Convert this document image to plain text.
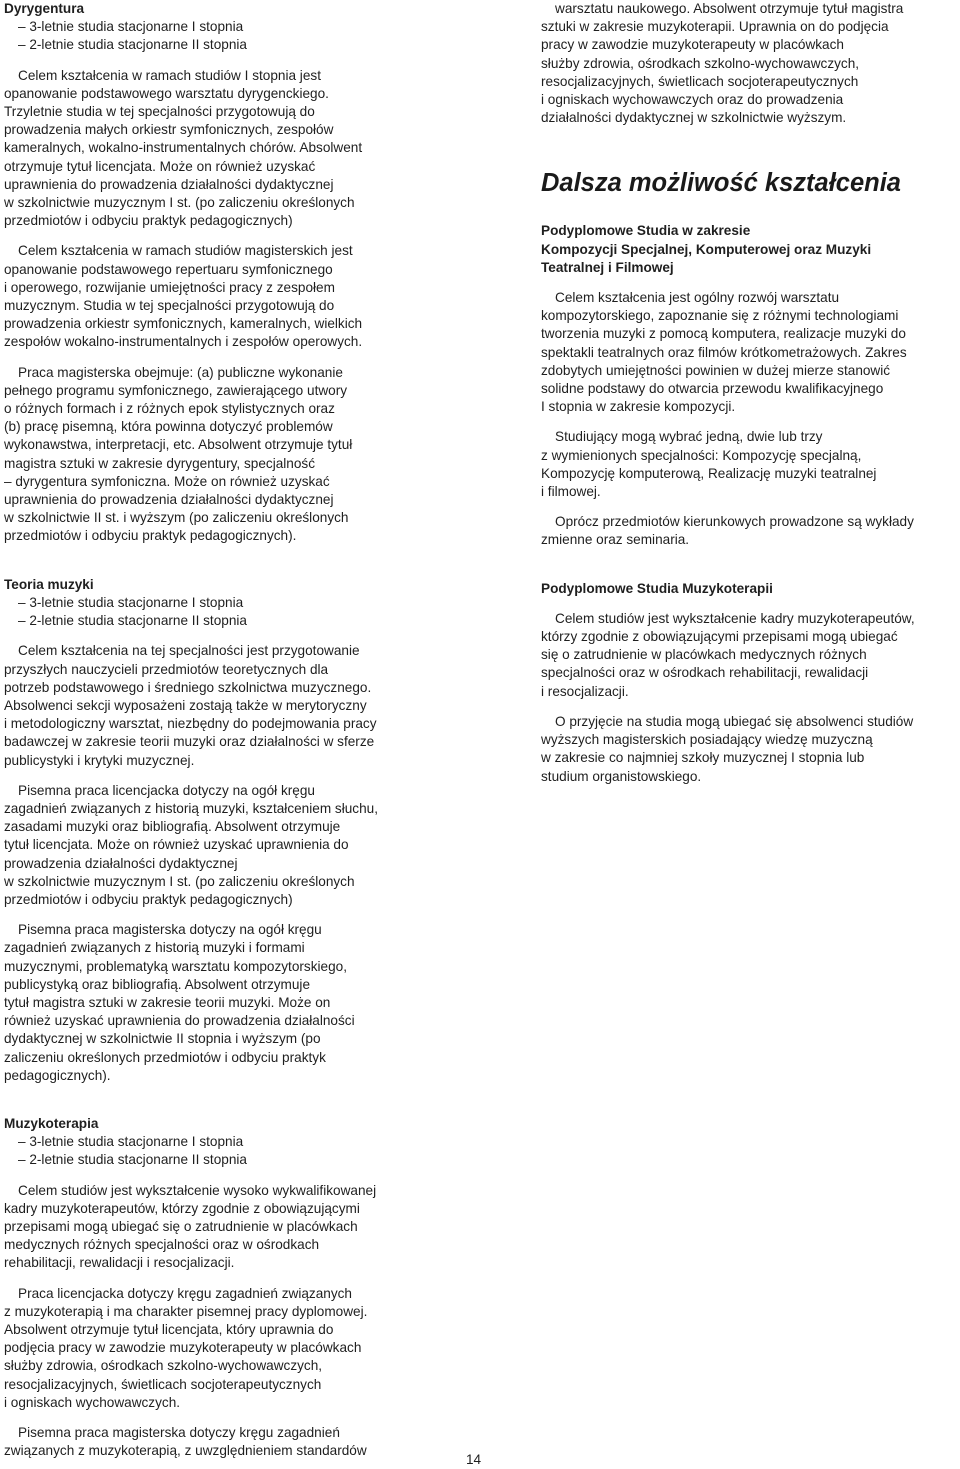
Dyrygentura

– 3-letnie studia stacjonarne I stopnia

– 2-letnie studia stacjonarne II stopnia

Celem kształcenia w ramach studiów I stopnia jest

opanowanie podstawowego warsztatu dyrygenckiego.

Trzyletnie studia w tej specjalności przygotowują do

prowadzenia małych orkiestr symfonicznych, zespołów

kameralnych, wokalno-instrumentalnych chórów. Absolwent

otrzymuje tytuł licencjata. Może on również uzyskać

uprawnienia do prowadzenia działalności dydaktycznej

w szkolnictwie muzycznym I st. (po zaliczeniu określonych

przedmiotów i odbyciu praktyk pedagogicznych)

Celem kształcenia w ramach studiów magisterskich jest

opanowanie podstawowego repertuaru symfonicznego

i operowego, rozwijanie umiejętności pracy z zespołem

muzycznym. Studia w tej specjalności przygotowują do

prowadzenia orkiestr symfonicznych, kameralnych, wielkich

zespołów wokalno-instrumentalnych i zespołów operowych.

Praca magisterska obejmuje: (a) publiczne wykonanie

pełnego programu symfonicznego, zawierającego utwory

o różnych formach i z różnych epok stylistycznych oraz

(b) pracę pisemną, która powinna dotyczyć problemów

wykonawstwa, interpretacji, etc. Absolwent otrzymuje tytuł

magistra sztuki w zakresie dyrygentury, specjalność

– dyrygentura symfoniczna. Może on również uzyskać

uprawnienia do prowadzenia działalności dydaktycznej

w szkolnictwie II st. i wyższym (po zaliczeniu określonych

przedmiotów i odbyciu praktyk pedagogicznych).

Teoria muzyki

– 3-letnie studia stacjonarne I stopnia

– 2-letnie studia stacjonarne II stopnia

Celem kształcenia na tej specjalności jest przygotowanie

przyszłych nauczycieli przedmiotów teoretycznych dla

potrzeb podstawowego i średniego szkolnictwa muzycznego.

Absolwenci sekcji wyposażeni zostają także w merytoryczny

i metodologiczny warsztat, niezbędny do podejmowania pracy

badawczej w zakresie teorii muzyki oraz działalności w sferze

publicystyki i krytyki muzycznej.

Pisemna praca licencjacka dotyczy na ogół kręgu

zagadnień związanych z historią muzyki, kształceniem słuchu,

zasadami muzyki oraz bibliografią. Absolwent otrzymuje

tytuł licencjata. Może on również uzyskać uprawnienia do

prowadzenia działalności dydaktycznej

w szkolnictwie muzycznym I st. (po zaliczeniu określonych

przedmiotów i odbyciu praktyk pedagogicznych)

Pisemna praca magisterska dotyczy na ogół kręgu

zagadnień związanych z historią muzyki i formami

muzycznymi, problematyką warsztatu kompozytorskiego,

publicystyką oraz bibliografią. Absolwent otrzymuje

tytuł magistra sztuki w zakresie teorii muzyki. Może on

również uzyskać uprawnienia do prowadzenia działalności

dydaktycznej w szkolnictwie II stopnia i wyższym (po

zaliczeniu określonych przedmiotów i odbyciu praktyk

pedagogicznych).

Muzykoterapia

– 3-letnie studia stacjonarne I stopnia

– 2-letnie studia stacjonarne II stopnia

Celem studiów jest wykształcenie wysoko wykwalifikowanej

kadry muzykoterapeutów, którzy zgodnie z obowiązującymi

przepisami mogą ubiegać się o zatrudnienie w placówkach

medycznych różnych specjalności oraz w ośrodkach

rehabilitacji, rewalidacji i resocjalizacji.

Praca licencjacka dotyczy kręgu zagadnień związanych

z muzykoterapią i ma charakter pisemnej pracy dyplomowej.

Absolwent otrzymuje tytuł licencjata, który uprawnia do

podjęcia pracy w zawodzie muzykoterapeuty w placówkach

służby zdrowia, ośrodkach szkolno-wychowawczych,

resocjalizacyjnych, świetlicach socjoterapeutycznych

i ogniskach wychowawczych.

Pisemna praca magisterska dotyczy kręgu zagadnień

związanych z muzykoterapią, z uwzględnieniem standardów

warsztatu naukowego. Absolwent otrzymuje tytuł magistra

sztuki w zakresie muzykoterapii. Uprawnia on do podjęcia

pracy w zawodzie muzykoterapeuty w placówkach

służby zdrowia, ośrodkach szkolno-wychowawczych,

resocjalizacyjnych, świetlicach socjoterapeutycznych

i ogniskach wychowawczych oraz do prowadzenia

działalności dydaktycznej w szkolnictwie wyższym.

Dalsza możliwość kształcenia

Podyplomowe Studia w zakresie

Kompozycji Specjalnej, Komputerowej oraz Muzyki

Teatralnej i Filmowej

Celem kształcenia jest ogólny rozwój warsztatu

kompozytorskiego, zapoznanie się z różnymi technologiami

tworzenia muzyki z pomocą komputera, realizacje muzyki do

spektakli teatralnych oraz filmów krótkometrażowych. Zakres

zdobytych umiejętności powinien w dużej mierze stanowić

solidne podstawy do otwarcia przewodu kwalifikacyjnego

I stopnia w zakresie kompozycji.

Studiujący mogą wybrać jedną, dwie lub trzy

z wymienionych specjalności: Kompozycję specjalną,

Kompozycję komputerową, Realizację muzyki teatralnej

i filmowej.

Oprócz przedmiotów kierunkowych prowadzone są wykłady

zmienne oraz seminaria.

Podyplomowe Studia Muzykoterapii

Celem studiów jest wykształcenie kadry muzykoterapeutów,

którzy zgodnie z obowiązującymi przepisami mogą ubiegać

się o zatrudnienie w placówkach medycznych różnych

specjalności oraz w ośrodkach rehabilitacji, rewalidacji

i resocjalizacji.

O przyjęcie na studia mogą ubiegać się absolwenci studiów

wyższych magisterskich posiadający wiedzę muzyczną

w zakresie co najmniej szkoły muzycznej I stopnia lub

studium organistowskiego.

14
